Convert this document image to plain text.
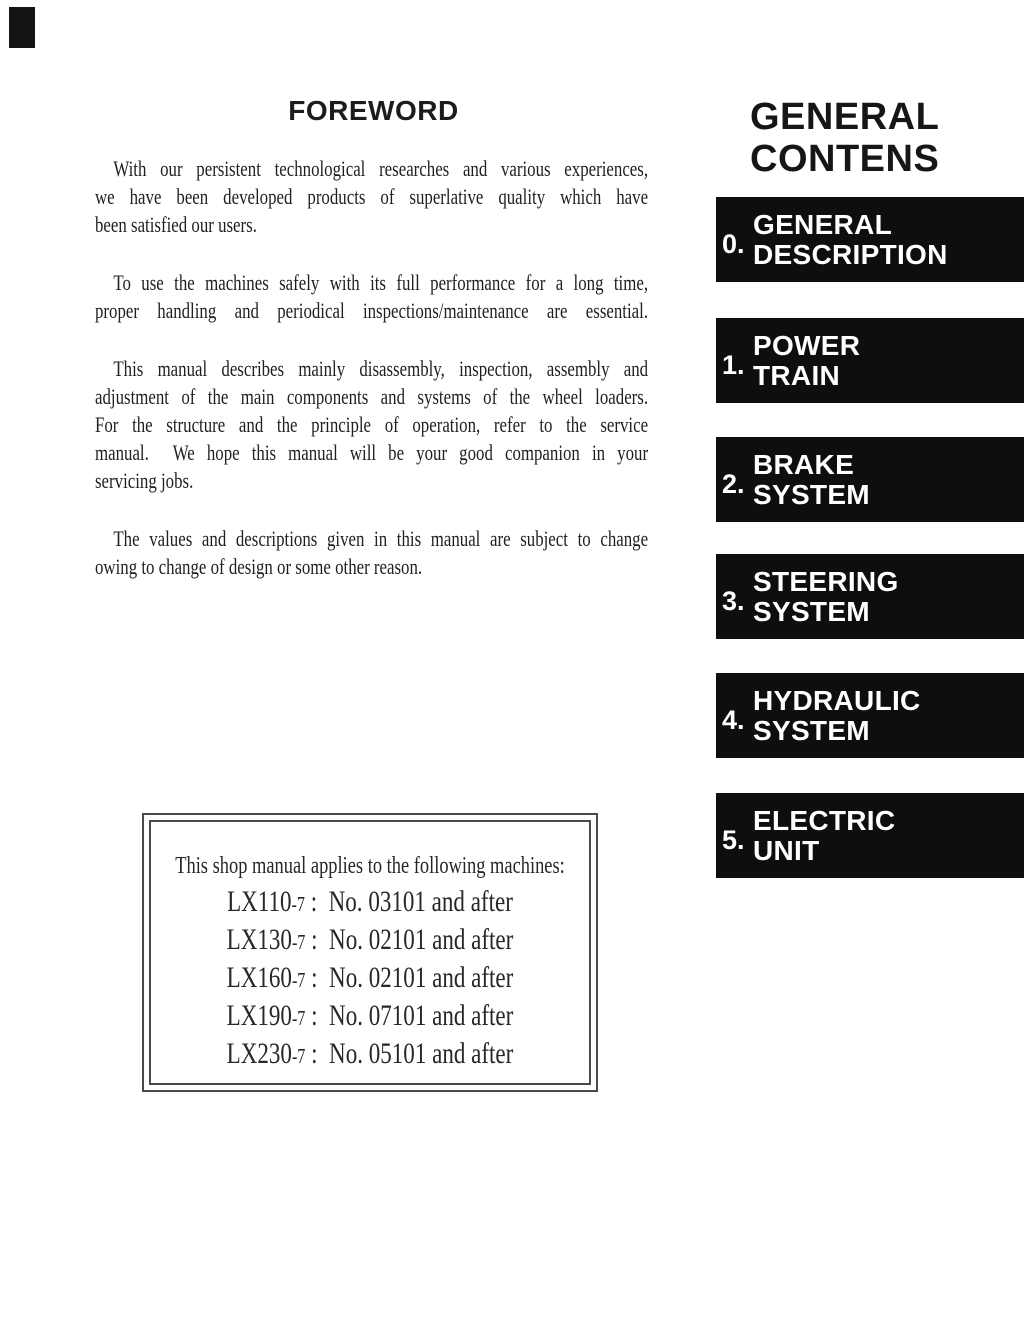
FOREWORD
With our persistent technological researches and various experiences,
we have been developed products of superlative quality which have
been satisfied our users.
To use the machines safely with its full performance for a long time,
proper handling and periodical inspections/maintenance are essential.
This manual describes mainly disassembly, inspection, assembly and
adjustment of the main components and systems of the wheel loaders.
For the structure and the principle of operation, refer to the service
manual.  We hope this manual will be your good companion in your
servicing jobs.
The values and descriptions given in this manual are subject to change
owing to change of design or some other reason.
This shop manual applies to the following machines:
LX110-7 :  No. 03101 and after
LX130-7 :  No. 02101 and after
LX160-7 :  No. 02101 and after
LX190-7 :  No. 07101 and after
LX230-7 :  No. 05101 and after
GENERAL
CONTENS
0.
GENERAL
DESCRIPTION
1.
POWER
TRAIN
2.
BRAKE
SYSTEM
3.
STEERING
SYSTEM
4.
HYDRAULIC
SYSTEM
5.
ELECTRIC
UNIT
